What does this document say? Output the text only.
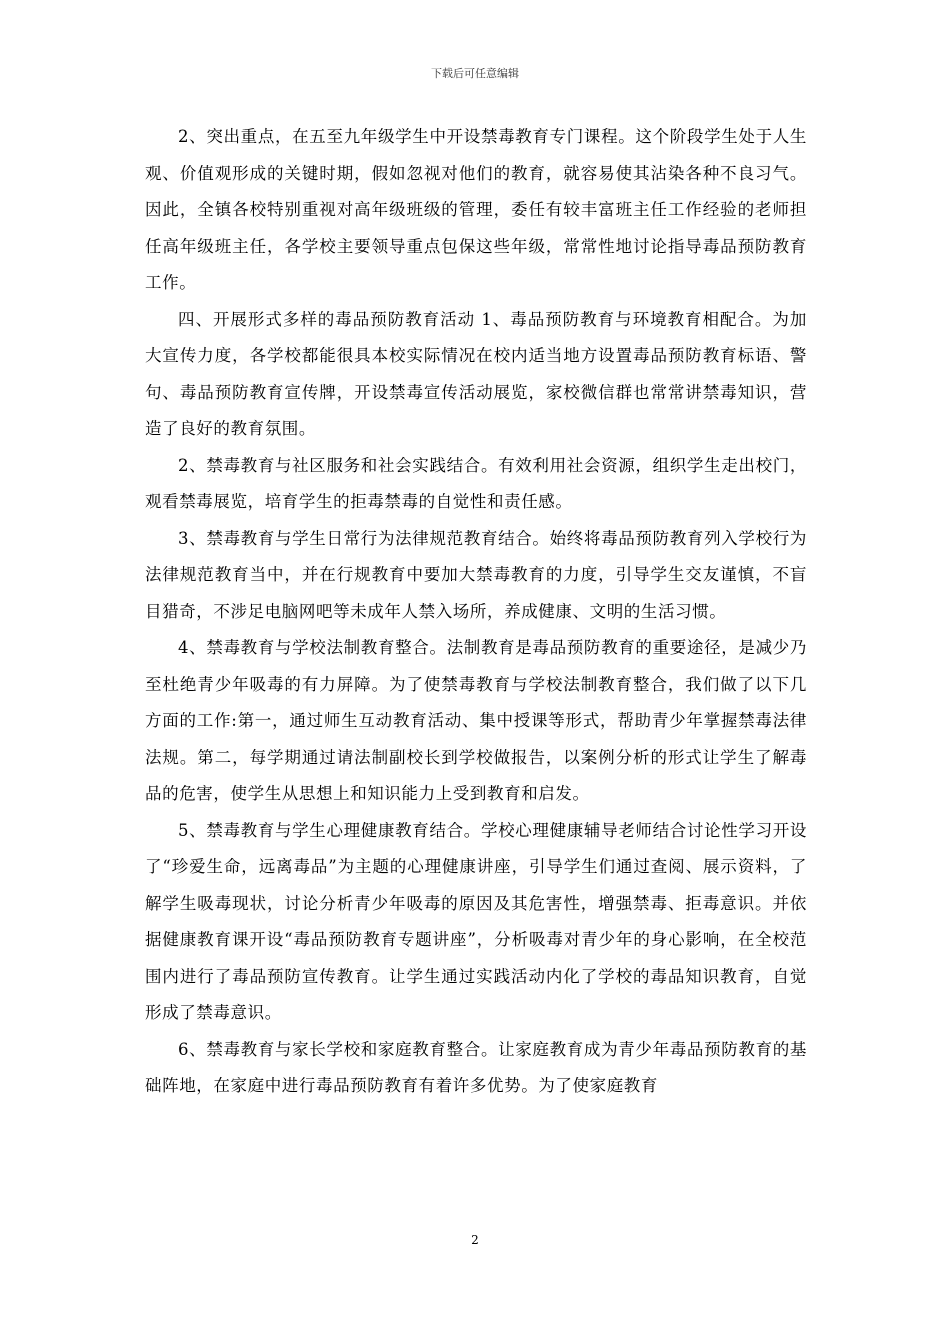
下载后可任意编辑

2、突出重点，在五至九年级学生中开设禁毒教育专门课程。这个阶段学生处于人生观、价值观形成的关键时期，假如忽视对他们的教育，就容易使其沾染各种不良习气。因此，全镇各校特别重视对高年级班级的管理，委任有较丰富班主任工作经验的老师担任高年级班主任，各学校主要领导重点包保这些年级，常常性地讨论指导毒品预防教育工作。

四、开展形式多样的毒品预防教育活动 1、毒品预防教育与环境教育相配合。为加大宣传力度，各学校都能很具本校实际情况在校内适当地方设置毒品预防教育标语、警句、毒品预防教育宣传牌，开设禁毒宣传活动展览，家校微信群也常常讲禁毒知识，营造了良好的教育氛围。

2、禁毒教育与社区服务和社会实践结合。有效利用社会资源，组织学生走出校门，观看禁毒展览，培育学生的拒毒禁毒的自觉性和责任感。

3、禁毒教育与学生日常行为法律规范教育结合。始终将毒品预防教育列入学校行为法律规范教育当中，并在行规教育中要加大禁毒教育的力度，引导学生交友谨慎，不盲目猎奇，不涉足电脑网吧等未成年人禁入场所，养成健康、文明的生活习惯。

4、禁毒教育与学校法制教育整合。法制教育是毒品预防教育的重要途径，是减少乃至杜绝青少年吸毒的有力屏障。为了使禁毒教育与学校法制教育整合，我们做了以下几方面的工作:第一，通过师生互动教育活动、集中授课等形式，帮助青少年掌握禁毒法律法规。第二，每学期通过请法制副校长到学校做报告，以案例分析的形式让学生了解毒品的危害，使学生从思想上和知识能力上受到教育和启发。

5、禁毒教育与学生心理健康教育结合。学校心理健康辅导老师结合讨论性学习开设了“珍爱生命，远离毒品”为主题的心理健康讲座，引导学生们通过查阅、展示资料，了解学生吸毒现状，讨论分析青少年吸毒的原因及其危害性，增强禁毒、拒毒意识。并依据健康教育课开设“毒品预防教育专题讲座”，分析吸毒对青少年的身心影响，在全校范围内进行了毒品预防宣传教育。让学生通过实践活动内化了学校的毒品知识教育，自觉形成了禁毒意识。

6、禁毒教育与家长学校和家庭教育整合。让家庭教育成为青少年毒品预防教育的基础阵地，在家庭中进行毒品预防教育有着许多优势。为了使家庭教育

2
